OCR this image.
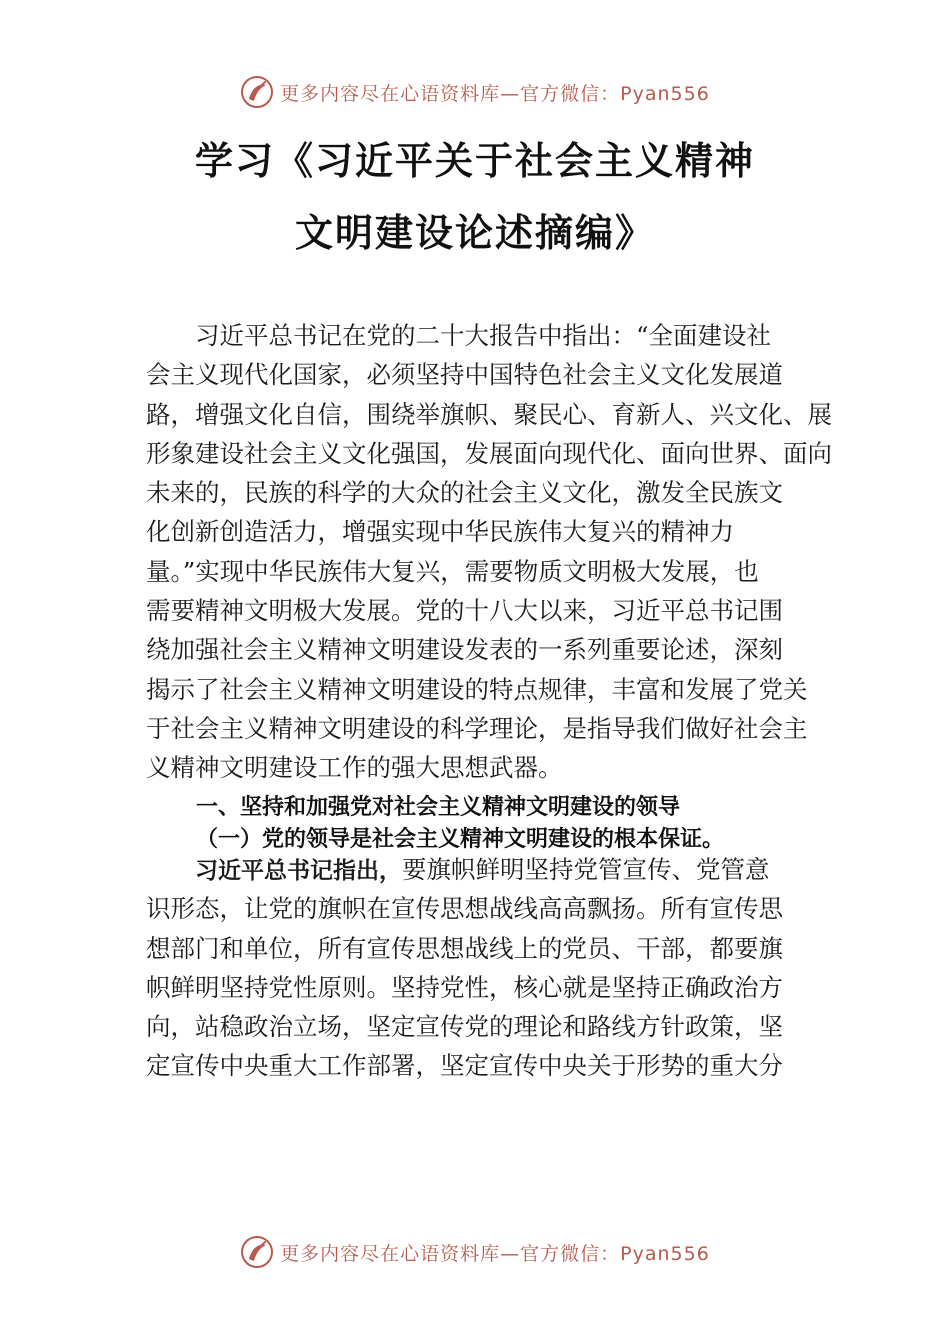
更多内容尽在心语资料库—官方微信：Pyan556
学习《习近平关于社会主义精神
文明建设论述摘编》
习近平总书记在党的二十大报告中指出：“全面建设社
会主义现代化国家，必须坚持中国特色社会主义文化发展道
路，增强文化自信，围绕举旗帜、聚民心、育新人、兴文化、展
形象建设社会主义文化强国，发展面向现代化、面向世界、面向
未来的，民族的科学的大众的社会主义文化，激发全民族文
化创新创造活力，增强实现中华民族伟大复兴的精神力
量。”实现中华民族伟大复兴，需要物质文明极大发展，也
需要精神文明极大发展。党的十八大以来，习近平总书记围
绕加强社会主义精神文明建设发表的一系列重要论述，深刻
揭示了社会主义精神文明建设的特点规律，丰富和发展了党关
于社会主义精神文明建设的科学理论，是指导我们做好社会主
义精神文明建设工作的强大思想武器。
一、坚持和加强党对社会主义精神文明建设的领导
（一）党的领导是社会主义精神文明建设的根本保证。
习近平总书记指出，要旗帜鲜明坚持党管宣传、党管意
识形态，让党的旗帜在宣传思想战线高高飘扬。所有宣传思
想部门和单位，所有宣传思想战线上的党员、干部，都要旗
帜鲜明坚持党性原则。坚持党性，核心就是坚持正确政治方
向，站稳政治立场，坚定宣传党的理论和路线方针政策，坚
定宣传中央重大工作部署，坚定宣传中央关于形势的重大分
更多内容尽在心语资料库—官方微信：Pyan556
